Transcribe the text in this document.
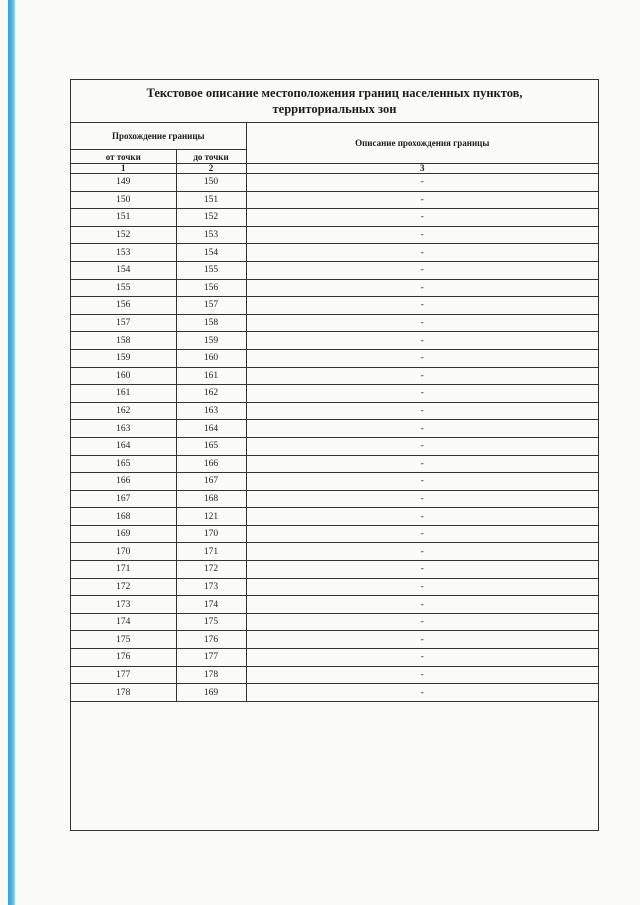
Текстовое описание местоположения границ населенных пунктов,
территориальных зон
Прохождение границы		Описание прохождения границы
от точки	до точки	
1	2	3
149	150	-
150	151	-
151	152	-
152	153	-
153	154	-
154	155	-
155	156	-
156	157	-
157	158	-
158	159	-
159	160	-
160	161	-
161	162	-
162	163	-
163	164	-
164	165	-
165	166	-
166	167	-
167	168	-
168	121	-
169	170	-
170	171	-
171	172	-
172	173	-
173	174	-
174	175	-
175	176	-
176	177	-
177	178	-
178	169	-
